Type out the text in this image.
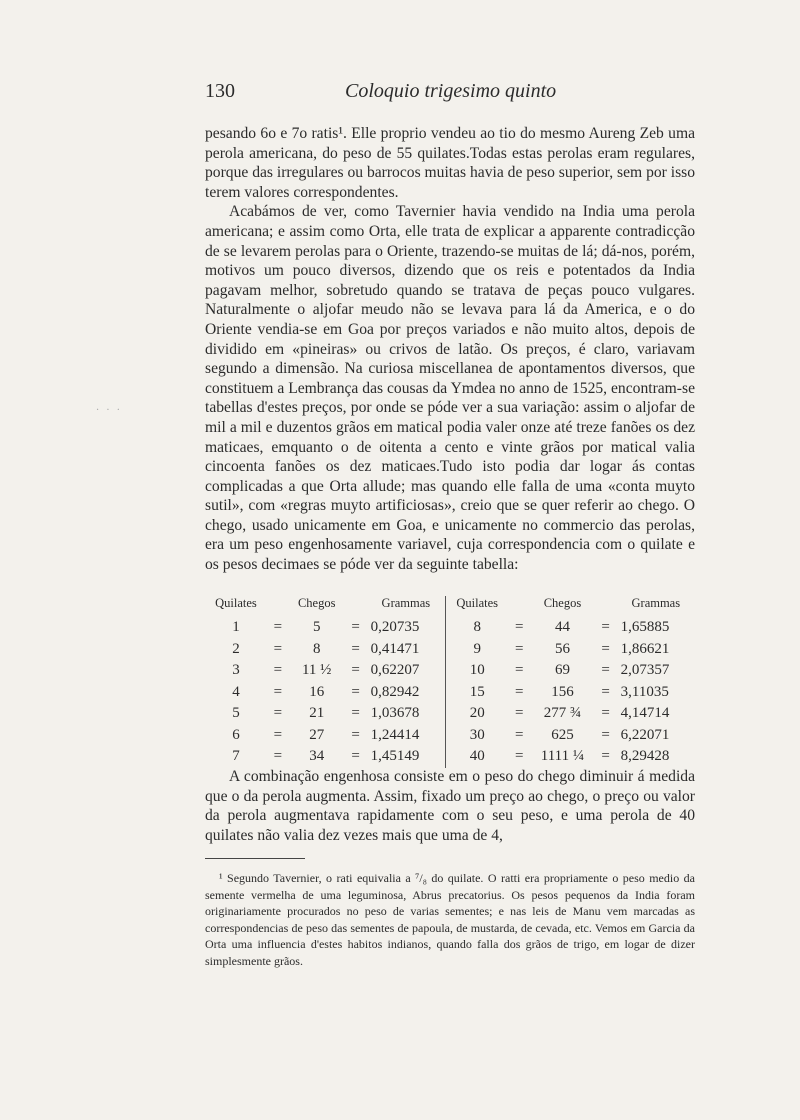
130	Coloquio trigesimo quinto
· · ·

pesando 6o e 7o ratis¹. Elle proprio vendeu ao tio do mesmo Aureng Zeb uma perola americana, do peso de 55 quilates.Todas estas perolas eram regulares, porque das irregulares ou barrocos muitas havia de peso superior, sem por isso terem valores correspondentes.

Acabámos de ver, como Tavernier havia vendido na India uma perola americana; e assim como Orta, elle trata de explicar a apparente contradicção de se levarem perolas para o Oriente, trazendo-se muitas de lá; dá-nos, porém, motivos um pouco diversos, dizendo que os reis e potentados da India pagavam melhor, sobretudo quando se tratava de peças pouco vulgares. Naturalmente o aljofar meudo não se levava para lá da America, e o do Oriente vendia-se em Goa por preços variados e não muito altos, depois de dividido em «pineiras» ou crivos de latão. Os preços, é claro, variavam segundo a dimensão. Na curiosa miscellanea de apontamentos diversos, que constituem a Lembrança das cousas da Ymdea no anno de 1525, encontram-se tabellas d'estes preços, por onde se póde ver a sua variação: assim o aljofar de mil a mil e duzentos grãos em matical podia valer onze até treze fanões os dez maticaes, emquanto o de oitenta a cento e vinte grãos por matical valia cincoenta fanões os dez maticaes.Tudo isto podia dar logar ás contas complicadas a que Orta allude; mas quando elle falla de uma «conta muyto sutil», com «regras muyto artificiosas», creio que se quer referir ao chego. O chego, usado unicamente em Goa, e unicamente no commercio das perolas, era um peso engenhosamente variavel, cuja correspondencia com o quilate e os pesos decimaes se póde ver da seguinte tabella:

Quilates		Chegos		Grammas	Quilates		Chegos		Grammas
1	=	5	=	0,20735	8	=	44	=	1,65885
2	=	8	=	0,41471	9	=	56	=	1,86621
3	=	11 ½	=	0,62207	10	=	69	=	2,07357
4	=	16	=	0,82942	15	=	156	=	3,11035
5	=	21	=	1,03678	20	=	277 ¾	=	4,14714
6	=	27	=	1,24414	30	=	625	=	6,22071
7	=	34	=	1,45149	40	=	1111 ¼	=	8,29428

A combinação engenhosa consiste em o peso do chego diminuir á medida que o da perola augmenta. Assim, fixado um preço ao chego, o preço ou valor da perola augmentava rapidamente com o seu peso, e uma perola de 40 quilates não valia dez vezes mais que uma de 4,

¹ Segundo Tavernier, o rati equivalia a ⁷/₈ do quilate. O ratti era propriamente o peso medio da semente vermelha de uma leguminosa, Abrus precatorius. Os pesos pequenos da India foram originariamente procurados no peso de varias sementes; e nas leis de Manu vem marcadas as correspondencias de peso das sementes de papoula, de mustarda, de cevada, etc. Vemos em Garcia da Orta uma influencia d'estes habitos indianos, quando falla dos grãos de trigo, em logar de dizer simplesmente grãos.
